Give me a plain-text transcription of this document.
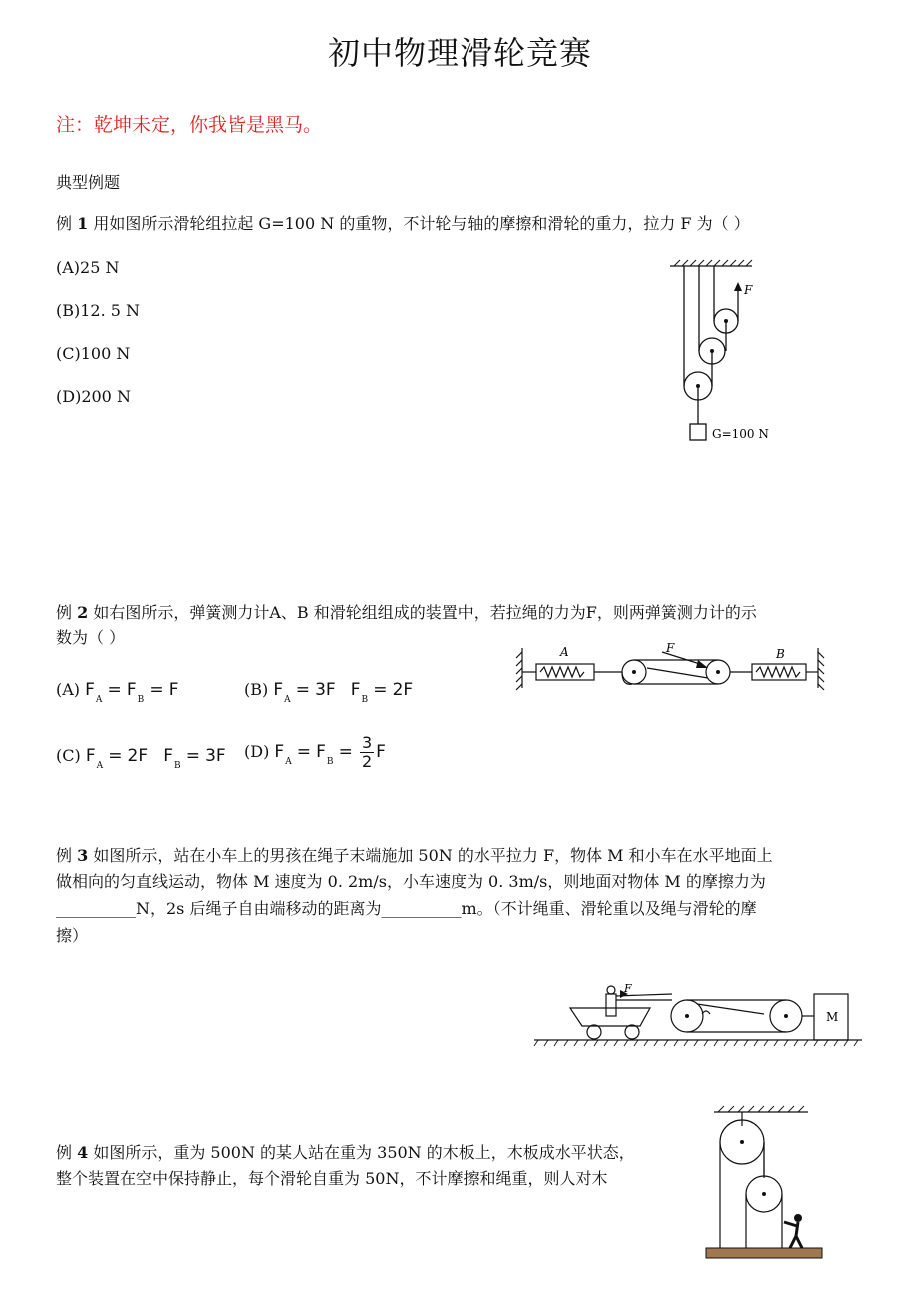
初中物理滑轮竞赛
注：乾坤未定，你我皆是黑马。
典型例题
例 1 用如图所示滑轮组拉起 G=100 N 的重物，不计轮与轴的摩擦和滑轮的重力，拉力 F 为（ ）
(A)25 N
(B)12. 5 N
(C)100 N
(D)200 N
F
G=100 N
例 2 如右图所示，弹簧测力计A、B 和滑轮组组成的装置中，若拉绳的力为F，则两弹簧测力计的示
数为（ ）
A	B
F
(A) $F_A = F_B = F$	(B) $F_A = 3F$ $F_B = 2F$
(C) $F_A = 2F$ $F_B = 3F$ (D) $F_A = F_B = \frac{3}{2}$ F
例 3 如图所示，站在小车上的男孩在绳子末端施加 50N 的水平拉力 F，物体 M 和小车在水平地面上
做相向的匀直线运动，物体 M 速度为 0. 2m/s，小车速度为 0. 3m/s，则地面对物体 M 的摩擦力为
__________N，2s 后绳子自由端移动的距离为__________m。（不计绳重、滑轮重以及绳与滑轮的摩
擦）
F
M
例 4 如图所示，重为 500N 的某人站在重为 350N 的木板上，木板成水平状态，
整个装置在空中保持静止，每个滑轮自重为 50N，不计摩擦和绳重，则人对木
